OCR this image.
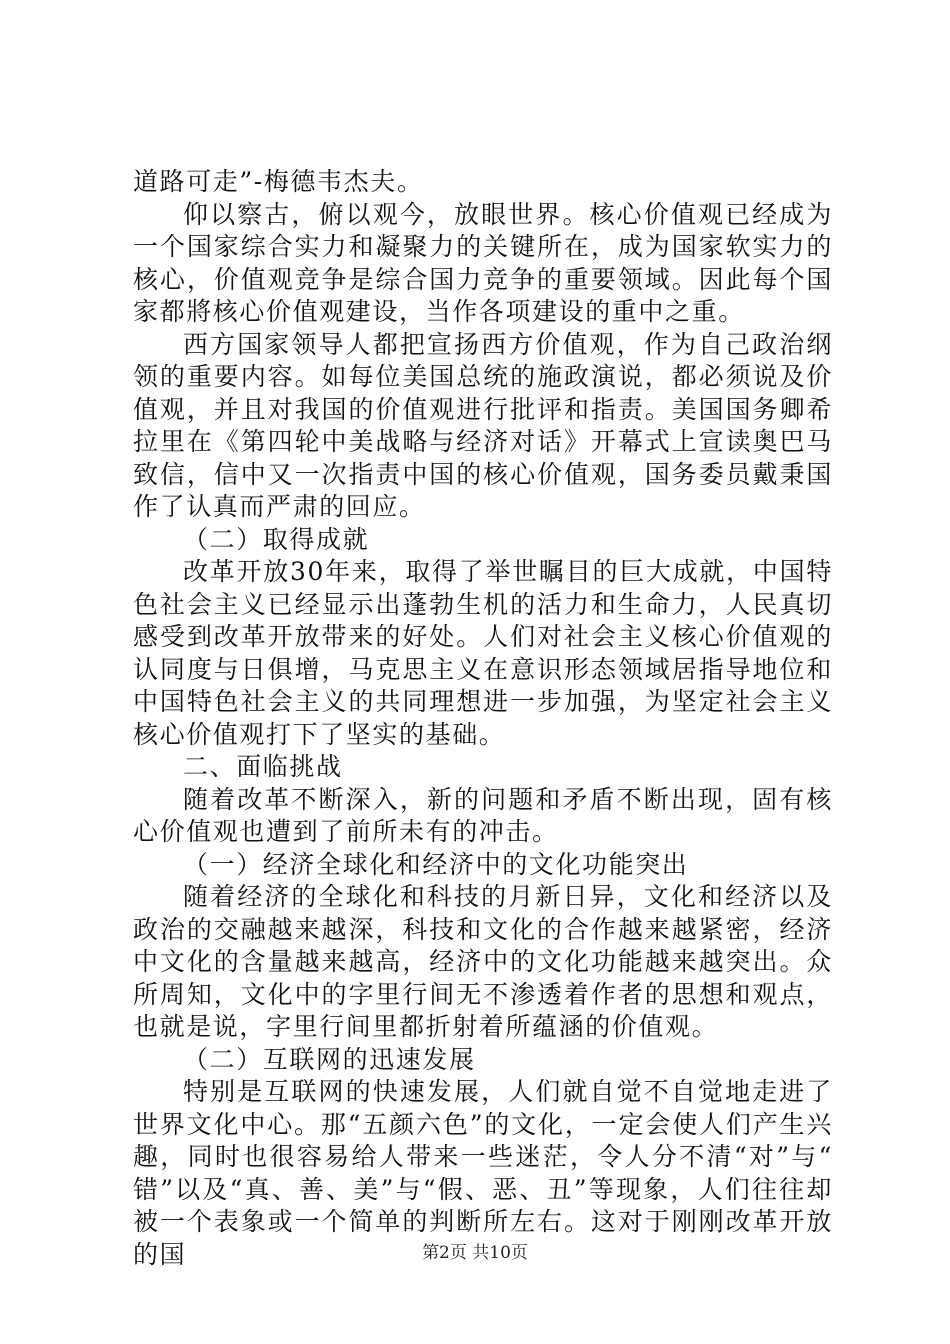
道路可走”-梅德韦杰夫。

仰以察古，俯以观今，放眼世界。核心价值观已经成为一个国家综合实力和凝聚力的关键所在，成为国家软实力的核心，价值观竞争是综合国力竞争的重要领域。因此每个国家都將核心价值观建设，当作各项建设的重中之重。

西方国家领导人都把宣扬西方价值观，作为自己政治纲领的重要内容。如每位美国总统的施政演说，都必须说及价值观，并且对我国的价值观进行批评和指责。美国国务卿希拉里在《第四轮中美战略与经济对话》开幕式上宣读奥巴马致信，信中又一次指责中国的核心价值观，国务委员戴秉国作了认真而严肃的回应。

（二）取得成就

改革开放30年来，取得了举世瞩目的巨大成就，中国特色社会主义已经显示出蓬勃生机的活力和生命力，人民真切感受到改革开放带来的好处。人们对社会主义核心价值观的认同度与日俱增，马克思主义在意识形态领域居指导地位和中国特色社会主义的共同理想进一步加强，为坚定社会主义核心价值观打下了坚实的基础。

二、面临挑战

随着改革不断深入，新的问题和矛盾不断出现，固有核心价值观也遭到了前所未有的冲击。

（一）经济全球化和经济中的文化功能突出

随着经济的全球化和科技的月新日异，文化和经济以及政治的交融越来越深，科技和文化的合作越来越紧密，经济中文化的含量越来越高，经济中的文化功能越来越突出。众所周知，文化中的字里行间无不渗透着作者的思想和观点，也就是说，字里行间里都折射着所蕴涵的价值观。

（二）互联网的迅速发展

特别是互联网的快速发展，人们就自觉不自觉地走进了世界文化中心。那“五颜六色”的文化，一定会使人们产生兴趣，同时也很容易给人带来一些迷茫，令人分不清“对”与“错”以及“真、善、美”与“假、恶、丑”等现象，人们往往却被一个表象或一个简单的判断所左右。这对于刚刚改革开放的国	第2页 共10页
